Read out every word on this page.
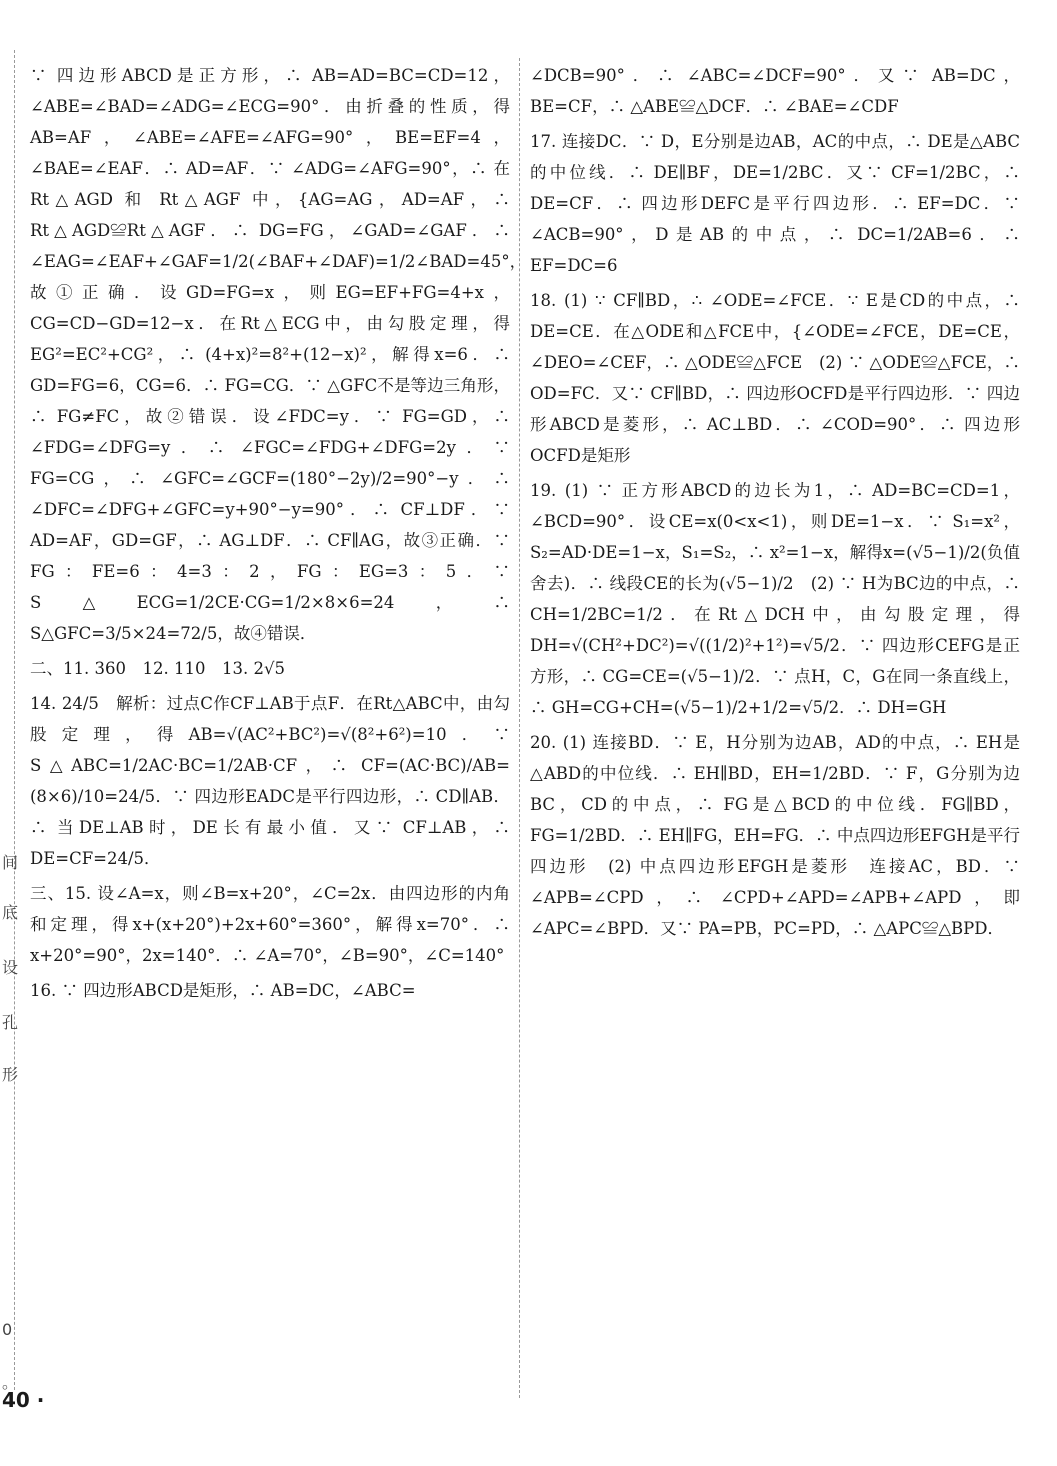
间
底
设
孔
形
0
。

∵ 四边形ABCD是正方形，∴ AB=AD=BC=CD=12，∠ABE=∠BAD=∠ADG=∠ECG=90°．由折叠的性质，得AB=AF，∠ABE=∠AFE=∠AFG=90°，BE=EF=4，∠BAE=∠EAF．∴ AD=AF．∵ ∠ADG=∠AFG=90°，∴ 在 Rt△AGD 和 Rt△AGF 中，{AG=AG，AD=AF，∴ Rt△AGD≌Rt△AGF．∴ DG=FG，∠GAD=∠GAF．∴ ∠EAG=∠EAF+∠GAF=1/2(∠BAF+∠DAF)=1/2∠BAD=45°，故①正确．设GD=FG=x，则EG=EF+FG=4+x，CG=CD−GD=12−x．在Rt△ECG中，由勾股定理，得EG²=EC²+CG²，∴ (4+x)²=8²+(12−x)²，解得x=6．∴ GD=FG=6，CG=6．∴ FG=CG．∵ △GFC不是等边三角形，∴ FG≠FC，故②错误．设∠FDC=y．∵ FG=GD，∴ ∠FDG=∠DFG=y．∴ ∠FGC=∠FDG+∠DFG=2y．∵ FG=CG，∴ ∠GFC=∠GCF=(180°−2y)/2=90°−y．∴ ∠DFC=∠DFG+∠GFC=y+90°−y=90°．∴ CF⊥DF．∵ AD=AF，GD=GF，∴ AG⊥DF．∴ CF∥AG，故③正确．∵ FG：FE=6：4=3：2，FG：EG=3：5．∵ S△ECG=1/2CE·CG=1/2×8×6=24，∴ S△GFC=3/5×24=72/5，故④错误．

二、11. 360　12. 110　13. 2√5

14. 24/5　解析：过点C作CF⊥AB于点F．在Rt△ABC中，由勾股定理，得AB=√(AC²+BC²)=√(8²+6²)=10．∵ S△ABC=1/2AC·BC=1/2AB·CF，∴ CF=(AC·BC)/AB=(8×6)/10=24/5．∵ 四边形EADC是平行四边形，∴ CD∥AB．∴ 当DE⊥AB时，DE长有最小值．又∵ CF⊥AB，∴ DE=CF=24/5．

三、15. 设∠A=x，则∠B=x+20°，∠C=2x．由四边形的内角和定理，得x+(x+20°)+2x+60°=360°，解得x=70°．∴ x+20°=90°，2x=140°．∴ ∠A=70°，∠B=90°，∠C=140°

16. ∵ 四边形ABCD是矩形，∴ AB=DC，∠ABC=

∠DCB=90°．∴ ∠ABC=∠DCF=90°．又∵ AB=DC，BE=CF，∴ △ABE≌△DCF．∴ ∠BAE=∠CDF

17. 连接DC．∵ D，E分别是边AB，AC的中点，∴ DE是△ABC的中位线．∴ DE∥BF，DE=1/2BC．又∵ CF=1/2BC，∴ DE=CF．∴ 四边形DEFC是平行四边形．∴ EF=DC．∵ ∠ACB=90°，D是AB的中点，∴ DC=1/2AB=6．∴ EF=DC=6

18. (1) ∵ CF∥BD，∴ ∠ODE=∠FCE．∵ E是CD的中点，∴ DE=CE．在△ODE和△FCE中，{∠ODE=∠FCE，DE=CE，∠DEO=∠CEF，∴ △ODE≌△FCE　(2) ∵ △ODE≌△FCE，∴ OD=FC．又∵ CF∥BD，∴ 四边形OCFD是平行四边形．∵ 四边形ABCD是菱形，∴ AC⊥BD．∴ ∠COD=90°．∴ 四边形OCFD是矩形

19. (1) ∵ 正方形ABCD的边长为1，∴ AD=BC=CD=1，∠BCD=90°．设CE=x(0<x<1)，则DE=1−x．∵ S₁=x²，S₂=AD·DE=1−x，S₁=S₂，∴ x²=1−x，解得x=(√5−1)/2(负值舍去)．∴ 线段CE的长为(√5−1)/2　(2) ∵ H为BC边的中点，∴ CH=1/2BC=1/2．在Rt△DCH中，由勾股定理，得DH=√(CH²+DC²)=√((1/2)²+1²)=√5/2．∵ 四边形CEFG是正方形，∴ CG=CE=(√5−1)/2．∵ 点H，C，G在同一条直线上，∴ GH=CG+CH=(√5−1)/2+1/2=√5/2．∴ DH=GH

20. (1) 连接BD．∵ E，H分别为边AB，AD的中点，∴ EH是△ABD的中位线．∴ EH∥BD，EH=1/2BD．∵ F，G分别为边BC，CD的中点，∴ FG是△BCD的中位线．FG∥BD，FG=1/2BD．∴ EH∥FG，EH=FG．∴ 中点四边形EFGH是平行四边形　(2) 中点四边形EFGH是菱形　连接AC，BD．∵ ∠APB=∠CPD，∴ ∠CPD+∠APD=∠APB+∠APD，即∠APC=∠BPD．又∵ PA=PB，PC=PD，∴ △APC≌△BPD．

40 ·
